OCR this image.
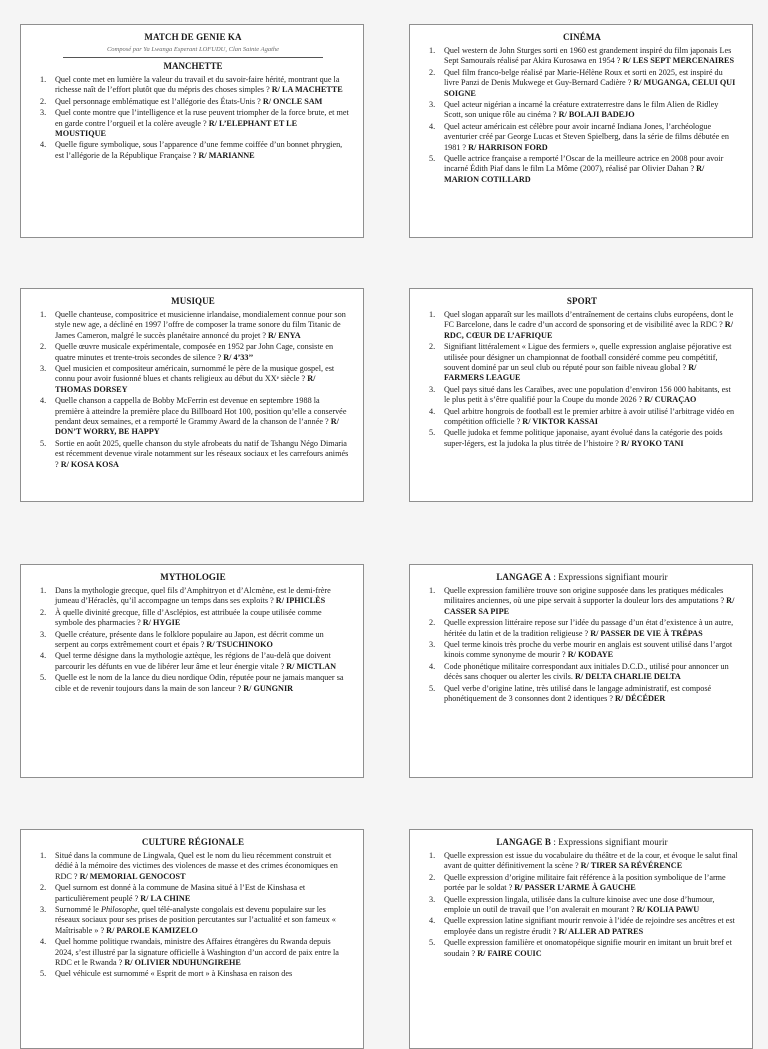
MATCH DE GENIE KA
Composé par Ya Lwanga Esperant LOFUDU, Clan Sainte Agathe
MANCHETTE
1. Quel conte met en lumière la valeur du travail et du savoir-faire hérité, montrant que la richesse naît de l’effort plutôt que du mépris des choses simples ? R/ LA MACHETTE
2. Quel personnage emblématique est l’allégorie des États-Unis ? R/ ONCLE SAM
3. Quel conte montre que l’intelligence et la ruse peuvent triompher de la force brute, et met en garde contre l’orgueil et la colère aveugle ? R/ L’ELEPHANT ET LE MOUSTIQUE
4. Quelle figure symbolique, sous l’apparence d’une femme coiffée d’un bonnet phrygien, est l’allégorie de la République Française ? R/ MARIANNE
CINÉMA
1. Quel western de John Sturges sorti en 1960 est grandement inspiré du film japonais Les Sept Samouraïs réalisé par Akira Kurosawa en 1954 ? R/ LES SEPT MERCENAIRES
2. Quel film franco-belge réalisé par Marie-Hélène Roux et sorti en 2025, est inspiré du livre Panzi de Denis Mukwege et Guy-Bernard Cadière ? R/ MUGANGA, CELUI QUI SOIGNE
3. Quel acteur nigérian a incarné la créature extraterrestre dans le film Alien de Ridley Scott, son unique rôle au cinéma ? R/ BOLAJI BADEJO
4. Quel acteur américain est célèbre pour avoir incarné Indiana Jones, l’archéologue aventurier créé par George Lucas et Steven Spielberg, dans la série de films débutée en 1981 ? R/ HARRISON FORD
5. Quelle actrice française a remporté l’Oscar de la meilleure actrice en 2008 pour avoir incarné Édith Piaf dans le film La Môme (2007), réalisé par Olivier Dahan ? R/ MARION COTILLARD
MUSIQUE
1. Quelle chanteuse, compositrice et musicienne irlandaise, mondialement connue pour son style new age, a décliné en 1997 l’offre de composer la trame sonore du film Titanic de James Cameron, malgré le succès planétaire annoncé du projet ? R/ ENYA
2. Quelle œuvre musicale expérimentale, composée en 1952 par John Cage, consiste en quatre minutes et trente-trois secondes de silence ? R/ 4’33’’
3. Quel musicien et compositeur américain, surnommé le père de la musique gospel, est connu pour avoir fusionné blues et chants religieux au début du XXᵉ siècle ? R/ THOMAS DORSEY
4. Quelle chanson a cappella de Bobby McFerrin est devenue en septembre 1988 la première à atteindre la première place du Billboard Hot 100, position qu’elle a conservée pendant deux semaines, et a remporté le Grammy Award de la chanson de l’année ? R/ DON’T WORRY, BE HAPPY
5. Sortie en août 2025, quelle chanson du style afrobeats du natif de Tshangu Négo Dimaria est récemment devenue virale notamment sur les réseaux sociaux et les carrefours animés ? R/ KOSA KOSA
SPORT
1. Quel slogan apparaît sur les maillots d’entraînement de certains clubs européens, dont le FC Barcelone, dans le cadre d’un accord de sponsoring et de visibilité avec la RDC ? R/ RDC, CŒUR DE L’AFRIQUE
2. Signifiant littéralement « Ligue des fermiers », quelle expression anglaise péjorative est utilisée pour désigner un championnat de football considéré comme peu compétitif, souvent dominé par un seul club ou réputé pour son faible niveau global ? R/ FARMERS LEAGUE
3. Quel pays situé dans les Caraïbes, avec une population d’environ 156 000 habitants, est le plus petit à s’être qualifié pour la Coupe du monde 2026 ? R/ CURAÇAO
4. Quel arbitre hongrois de football est le premier arbitre à avoir utilisé l’arbitrage vidéo en compétition officielle ? R/ VIKTOR KASSAI
5. Quelle judoka et femme politique japonaise, ayant évolué dans la catégorie des poids super-légers, est la judoka la plus titrée de l’histoire ? R/ RYOKO TANI
MYTHOLOGIE
1. Dans la mythologie grecque, quel fils d’Amphitryon et d’Alcmène, est le demi-frère jumeau d’Héraclès, qu’il accompagne un temps dans ses exploits ? R/ IPHICLÈS
2. À quelle divinité grecque, fille d’Asclépios, est attribuée la coupe utilisée comme symbole des pharmacies ? R/ HYGIE
3. Quelle créature, présente dans le folklore populaire au Japon, est décrit comme un serpent au corps extrêmement court et épais ? R/ TSUCHINOKO
4. Quel terme désigne dans la mythologie aztèque, les régions de l’au-delà que doivent parcourir les défunts en vue de libérer leur âme et leur énergie vitale ? R/ MICTLAN
5. Quelle est le nom de la lance du dieu nordique Odin, réputée pour ne jamais manquer sa cible et de revenir toujours dans la main de son lanceur ? R/ GUNGNIR
LANGAGE A : Expressions signifiant mourir
1. Quelle expression familière trouve son origine supposée dans les pratiques médicales militaires anciennes, où une pipe servait à supporter la douleur lors des amputations ? R/ CASSER SA PIPE
2. Quelle expression littéraire repose sur l’idée du passage d’un état d’existence à un autre, héritée du latin et de la tradition religieuse ? R/ PASSER DE VIE À TRÉPAS
3. Quel terme kinois très proche du verbe mourir en anglais est souvent utilisé dans l’argot kinois comme synonyme de mourir ? R/ KODAYE
4. Code phonétique militaire correspondant aux initiales D.C.D., utilisé pour annoncer un décès sans choquer ou alerter les civils. R/ DELTA CHARLIE DELTA
5. Quel verbe d’origine latine, très utilisé dans le langage administratif, est composé phonétiquement de 3 consonnes dont 2 identiques ? R/ DÉCÉDER
CULTURE RÉGIONALE
1. Situé dans la commune de Lingwala, Quel est le nom du lieu récemment construit et dédié à la mémoire des victimes des violences de masse et des crimes économiques en RDC ? R/ MEMORIAL GENOCOST
2. Quel surnom est donné à la commune de Masina situé à l’Est de Kinshasa et particulièrement peuplé ? R/ LA CHINE
3. Surnommé le Philosophe, quel télé-analyste congolais est devenu populaire sur les réseaux sociaux pour ses prises de position percutantes sur l’actualité et son fameux « Maîtrisable » ? R/ PAROLE KAMIZELO
4. Quel homme politique rwandais, ministre des Affaires étrangères du Rwanda depuis 2024, s’est illustré par la signature officielle à Washington d’un accord de paix entre la RDC et le Rwanda ? R/ OLIVIER NDUHUNGIREHE
5. Quel véhicule est surnommé « Esprit de mort » à Kinshasa en raison des
LANGAGE B : Expressions signifiant mourir
1. Quelle expression est issue du vocabulaire du théâtre et de la cour, et évoque le salut final avant de quitter définitivement la scène ? R/ TIRER SA RÉVÉRENCE
2. Quelle expression d’origine militaire fait référence à la position symbolique de l’arme portée par le soldat ? R/ PASSER L’ARME À GAUCHE
3. Quelle expression lingala, utilisée dans la culture kinoise avec une dose d’humour, emploie un outil de travail que l’on avalerait en mourant ? R/ KOLIA PAWU
4. Quelle expression latine signifiant mourir renvoie à l’idée de rejoindre ses ancêtres et est employée dans un registre érudit ? R/ ALLER AD PATRES
5. Quelle expression familière et onomatopéique signifie mourir en imitant un bruit bref et soudain ? R/ FAIRE COUIC
